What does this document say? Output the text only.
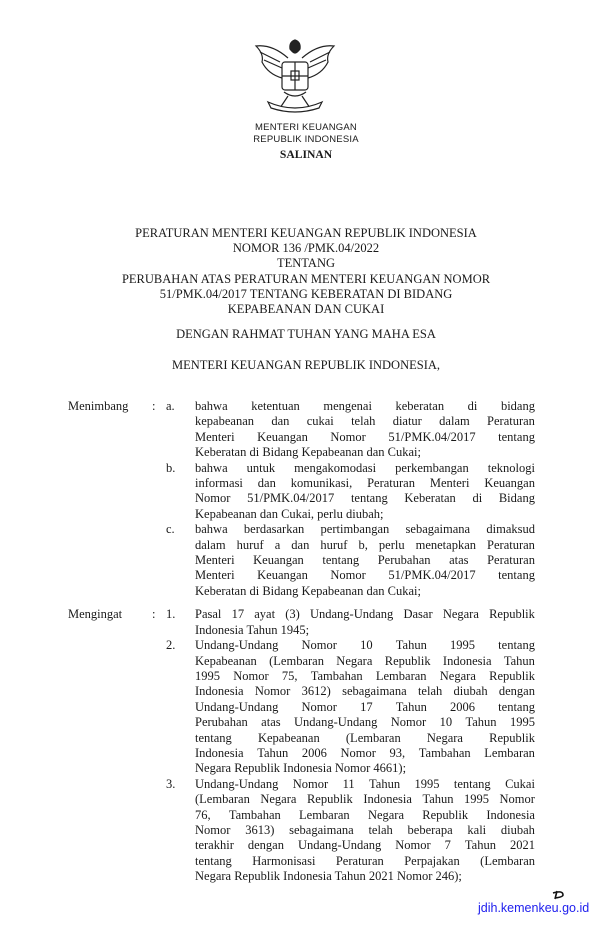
MENTERI KEUANGAN
REPUBLIK INDONESIA
SALINAN
PERATURAN MENTERI KEUANGAN REPUBLIK INDONESIA
NOMOR 136 /PMK.04/2022
TENTANG
PERUBAHAN ATAS PERATURAN MENTERI KEUANGAN NOMOR
51/PMK.04/2017 TENTANG KEBERATAN DI BIDANG
KEPABEANAN DAN CUKAI
DENGAN RAHMAT TUHAN YANG MAHA ESA
MENTERI KEUANGAN REPUBLIK INDONESIA,
Menimbang : a. bahwa ketentuan mengenai keberatan di bidang
kepabeanan dan cukai telah diatur dalam Peraturan
Menteri Keuangan Nomor 51/PMK.04/2017 tentang
Keberatan di Bidang Kepabeanan dan Cukai;
b. bahwa untuk mengakomodasi perkembangan teknologi
informasi dan komunikasi, Peraturan Menteri Keuangan
Nomor 51/PMK.04/2017 tentang Keberatan di Bidang
Kepabeanan dan Cukai, perlu diubah;
c. bahwa berdasarkan pertimbangan sebagaimana dimaksud
dalam huruf a dan huruf b, perlu menetapkan Peraturan
Menteri Keuangan tentang Perubahan atas Peraturan
Menteri Keuangan Nomor 51/PMK.04/2017 tentang
Keberatan di Bidang Kepabeanan dan Cukai;
Mengingat : 1. Pasal 17 ayat (3) Undang-Undang Dasar Negara Republik
Indonesia Tahun 1945;
2. Undang-Undang Nomor 10 Tahun 1995 tentang
Kepabeanan (Lembaran Negara Republik Indonesia Tahun
1995 Nomor 75, Tambahan Lembaran Negara Republik
Indonesia Nomor 3612) sebagaimana telah diubah dengan
Undang-Undang Nomor 17 Tahun 2006 tentang
Perubahan atas Undang-Undang Nomor 10 Tahun 1995
tentang Kepabeanan (Lembaran Negara Republik
Indonesia Tahun 2006 Nomor 93, Tambahan Lembaran
Negara Republik Indonesia Nomor 4661);
3. Undang-Undang Nomor 11 Tahun 1995 tentang Cukai
(Lembaran Negara Republik Indonesia Tahun 1995 Nomor
76, Tambahan Lembaran Negara Republik Indonesia
Nomor 3613) sebagaimana telah beberapa kali diubah
terakhir dengan Undang-Undang Nomor 7 Tahun 2021
tentang Harmonisasi Peraturan Perpajakan (Lembaran
Negara Republik Indonesia Tahun 2021 Nomor 246);
jdih.kemenkeu.go.id
